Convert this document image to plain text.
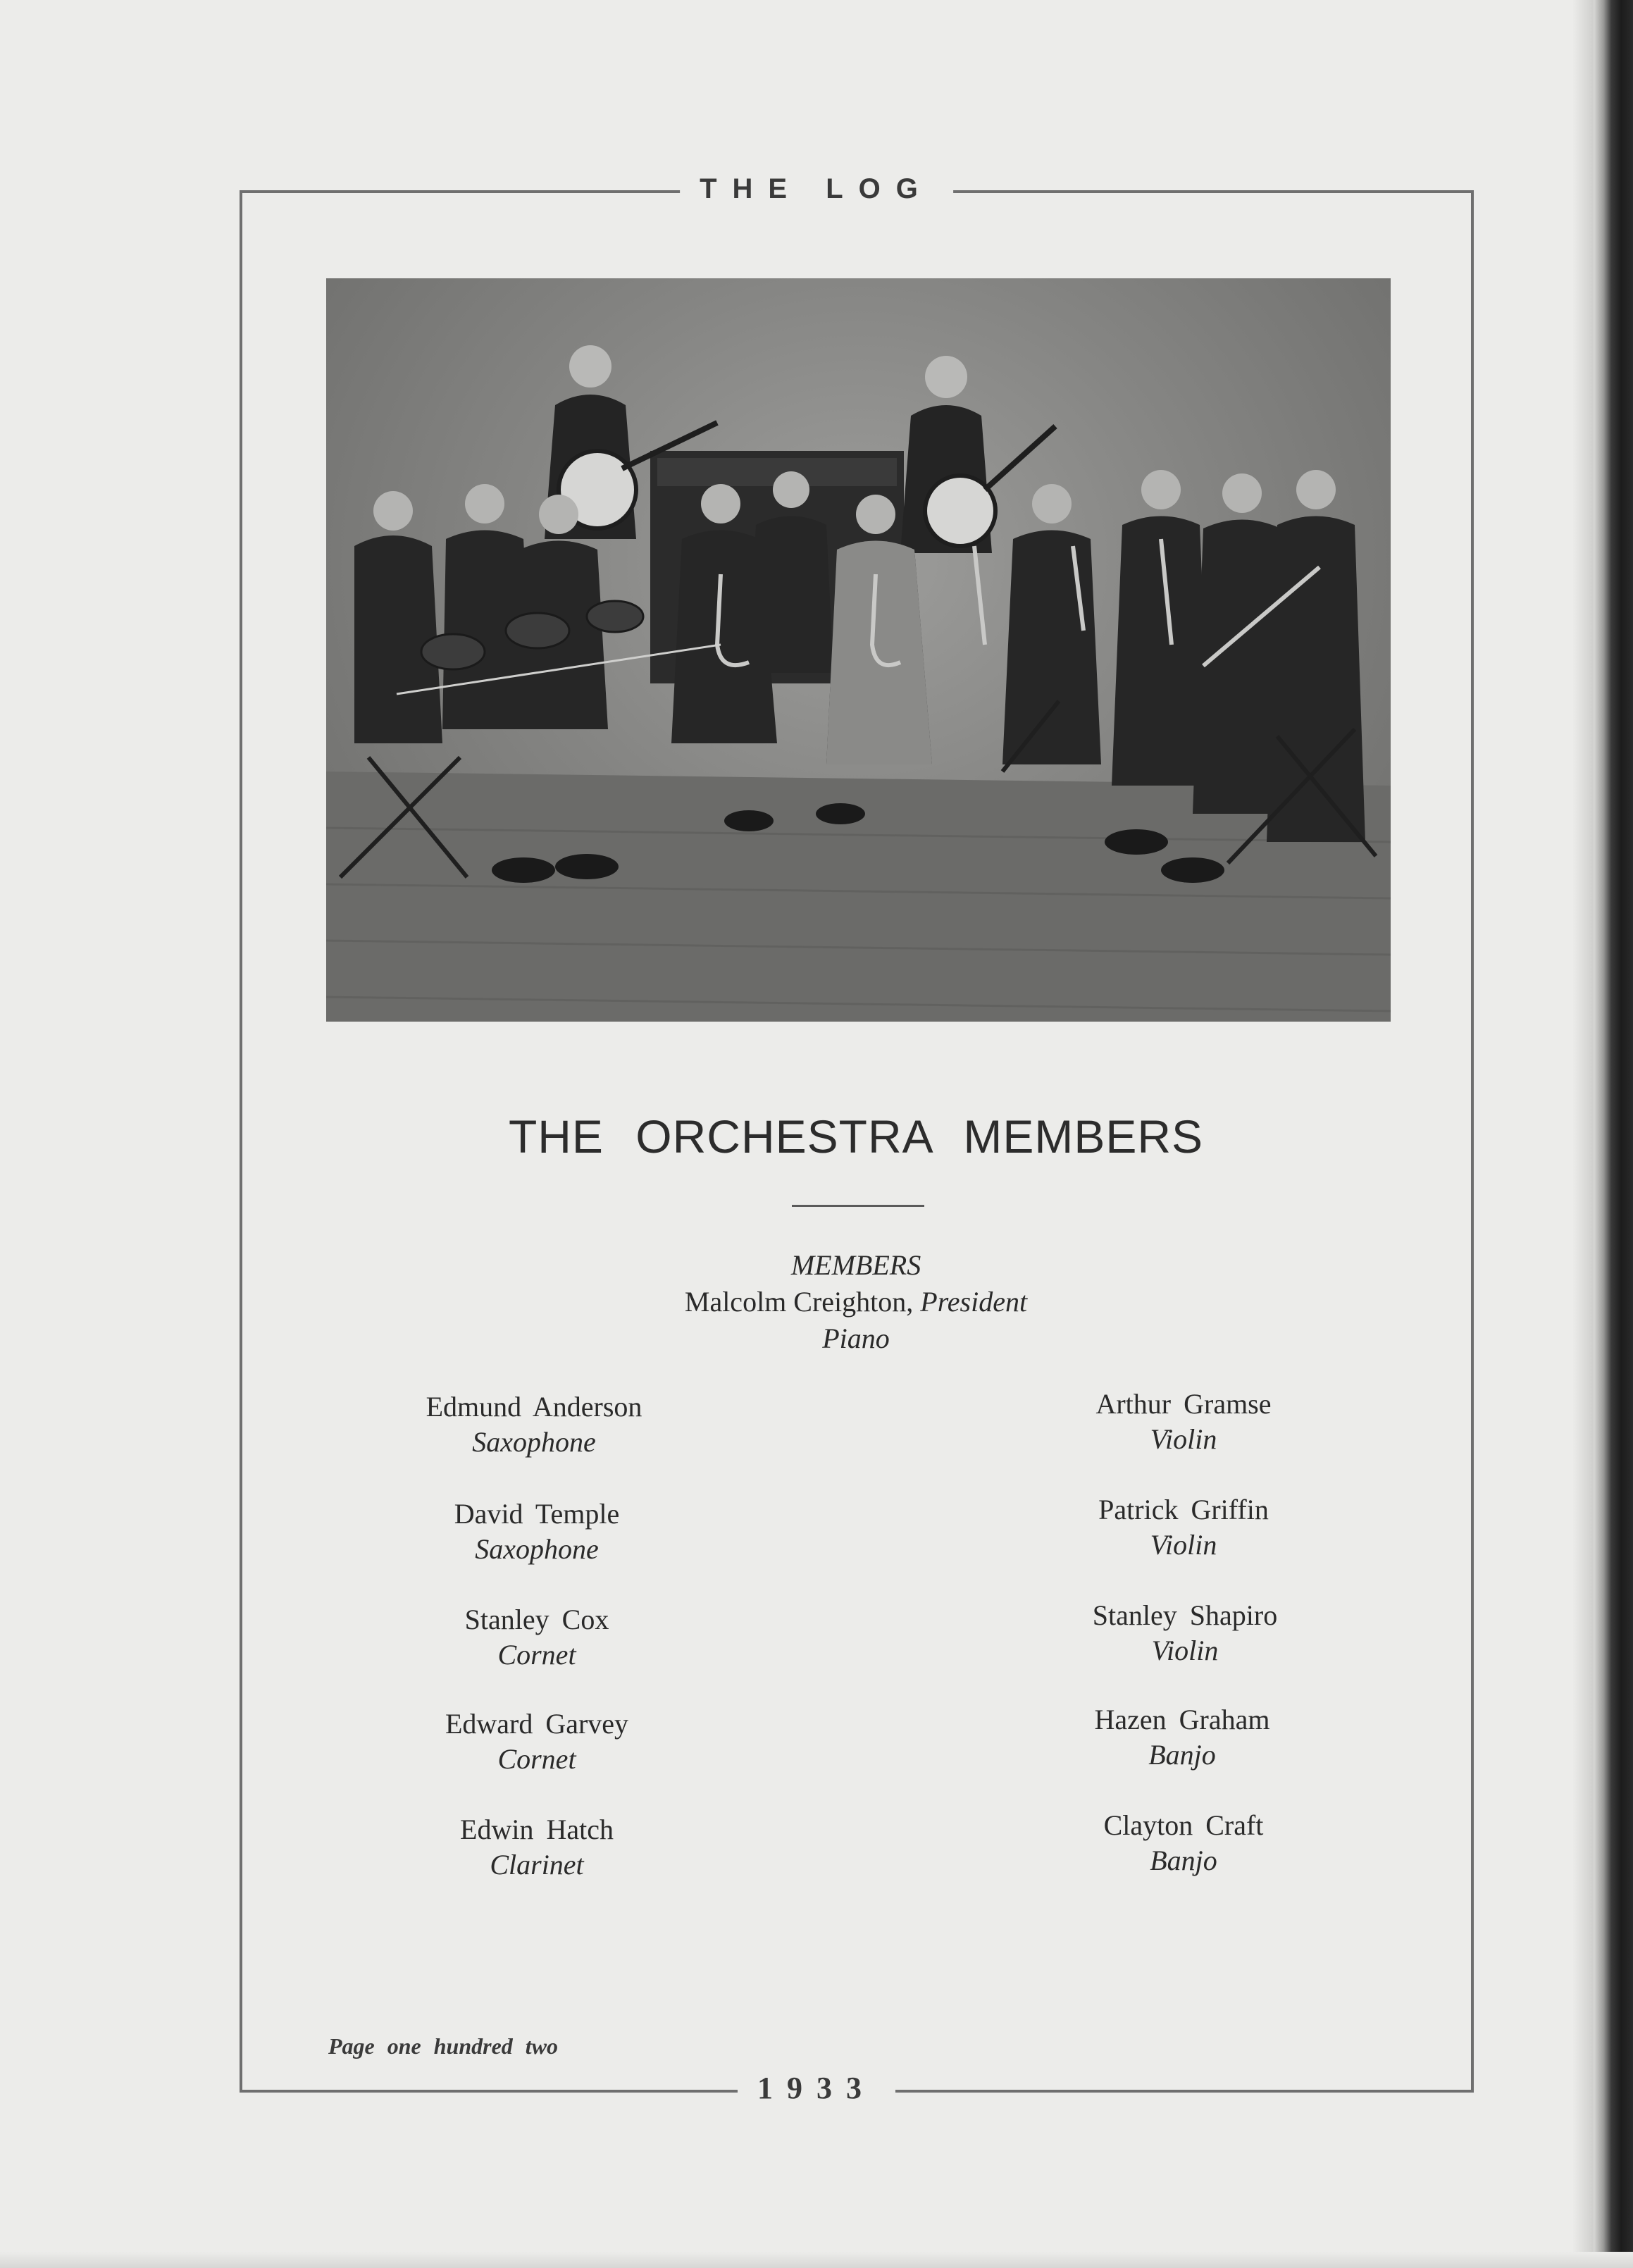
THE LOG
1933
THE ORCHESTRA MEMBERS
MEMBERS
Malcolm Creighton, President
Piano
Edmund Anderson
Saxophone
David Temple
Saxophone
Stanley Cox
Cornet
Edward Garvey
Cornet
Edwin Hatch
Clarinet
Arthur Gramse
Violin
Patrick Griffin
Violin
Stanley Shapiro
Violin
Hazen Graham
Banjo
Clayton Craft
Banjo
Page one hundred two
